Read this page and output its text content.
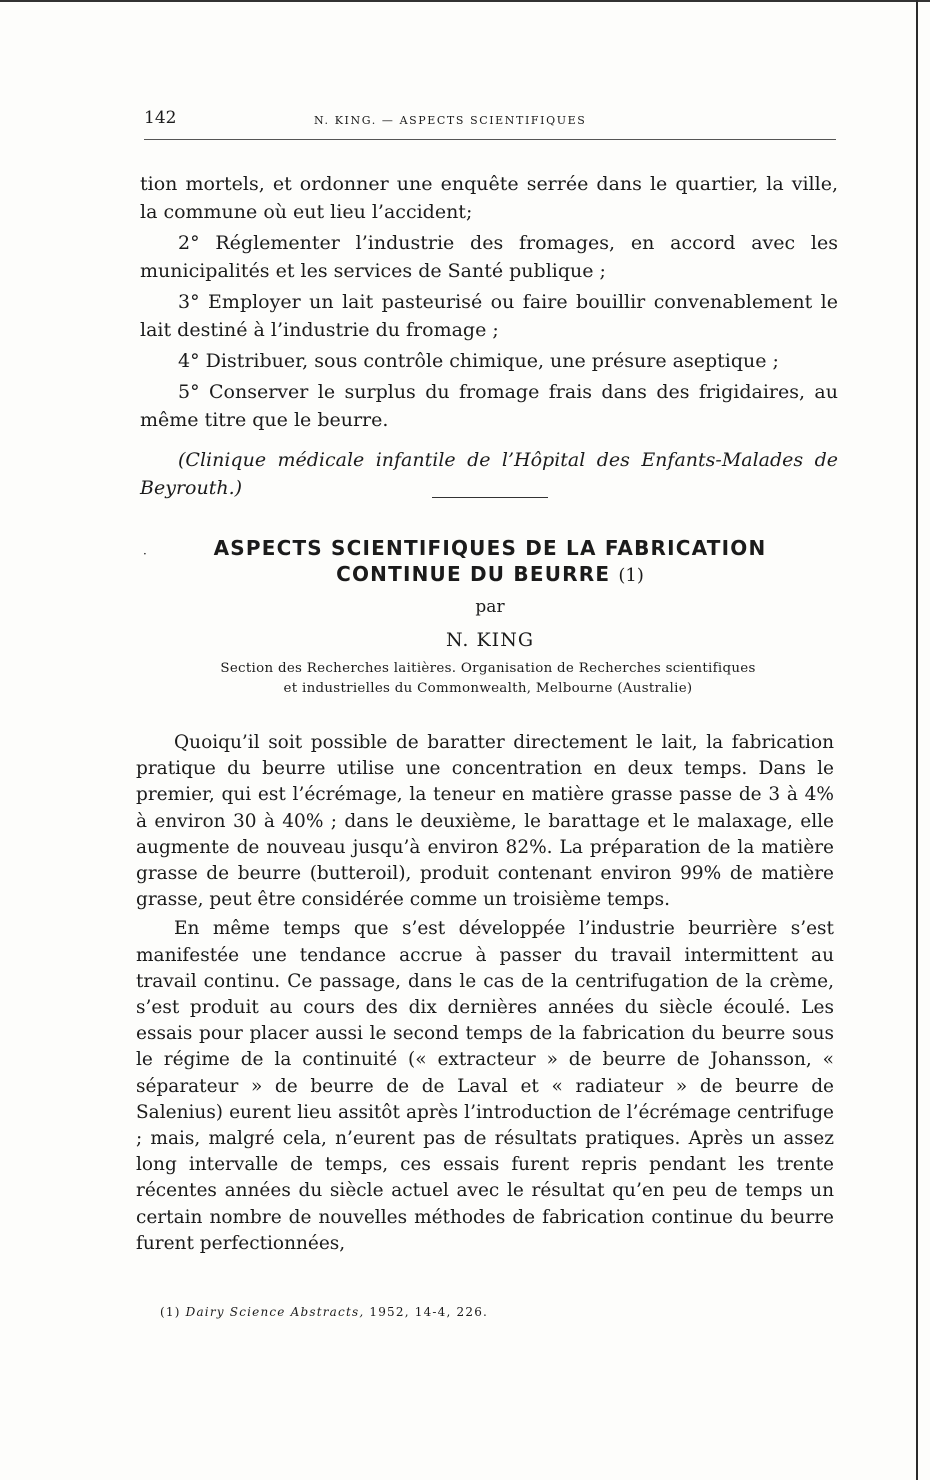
142	N. KING. — ASPECTS SCIENTIFIQUES

tion mortels, et ordonner une enquête serrée dans le quartier, la ville, la commune où eut lieu l’accident;

2° Réglementer l’industrie des fromages, en accord avec les municipalités et les services de Santé publique ;

3° Employer un lait pasteurisé ou faire bouillir convenablement le lait destiné à l’industrie du fromage ;

4° Distribuer, sous contrôle chimique, une présure aseptique ;

5° Conserver le surplus du fromage frais dans des frigidaires, au même titre que le beurre.

(Clinique médicale infantile de l’Hôpital des Enfants-Malades de Beyrouth.)

·	ASPECTS SCIENTIFIQUES DE LA FABRICATION
CONTINUE DU BEURRE (1)
par
N. KING
Section des Recherches laitières. Organisation de Recherches scientifiques
et industrielles du Commonwealth, Melbourne (Australie)

Quoiqu’il soit possible de baratter directement le lait, la fabrication pratique du beurre utilise une concentration en deux temps. Dans le premier, qui est l’écrémage, la teneur en matière grasse passe de 3 à 4% à environ 30 à 40% ; dans le deuxième, le barattage et le malaxage, elle augmente de nouveau jusqu’à environ 82%. La préparation de la matière grasse de beurre (butteroil), produit contenant environ 99% de matière grasse, peut être considérée comme un troisième temps.

En même temps que s’est développée l’industrie beurrière s’est manifestée une tendance accrue à passer du travail intermittent au travail continu. Ce passage, dans le cas de la centrifugation de la crème, s’est produit au cours des dix dernières années du siècle écoulé. Les essais pour placer aussi le second temps de la fabrication du beurre sous le régime de la continuité (« extracteur » de beurre de Johansson, « séparateur » de beurre de de Laval et « radiateur » de beurre de Salenius) eurent lieu assitôt après l’introduction de l’écrémage centrifuge ; mais, malgré cela, n’eurent pas de résultats pratiques. Après un assez long intervalle de temps, ces essais furent repris pendant les trente récentes années du siècle actuel avec le résultat qu’en peu de temps un certain nombre de nouvelles méthodes de fabrication continue du beurre furent perfectionnées,

(1) Dairy Science Abstracts, 1952, 14-4, 226.
